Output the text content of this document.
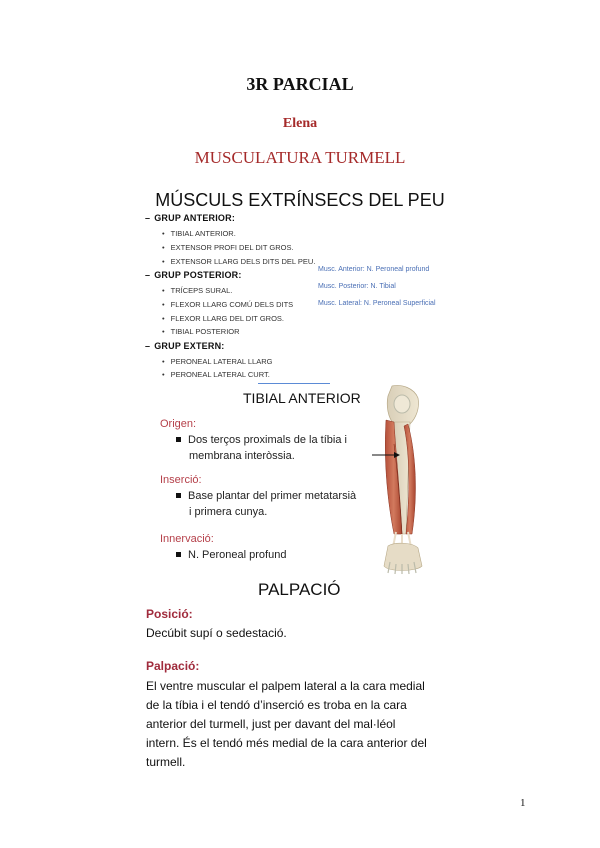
3R PARCIAL
Elena
MUSCULATURA TURMELL
MÚSCULS EXTRÍNSECS DEL PEU
– GRUP ANTERIOR:
• TIBIAL ANTERIOR.
• EXTENSOR PROFI DEL DIT GROS.
• EXTENSOR LLARG DELS DITS DEL PEU.
– GRUP POSTERIOR:
• TRÍCEPS SURAL.
• FLEXOR LLARG COMÚ DELS DITS
• FLEXOR LLARG DEL DIT GROS.
• TIBIAL POSTERIOR
– GRUP EXTERN:
• PERONEAL LATERAL LLARG
• PERONEAL LATERAL CURT.
Musc. Anterior: N. Peroneal profund
Musc. Posterior: N. Tibial
Musc. Lateral: N. Peroneal Superficial
TIBIAL ANTERIOR
Origen:
Dos terços proximals de la tíbia i
membrana interòssia.
Inserció:
Base plantar del primer metatarsià
i primera cunya.
Innervació:
N. Peroneal profund
PALPACIÓ
Posició:
Decúbit supí o sedestació.
Palpació:
El ventre muscular el palpem lateral a la cara medial
de la tíbia i el tendó d’inserció es troba en la cara
anterior del turmell, just per davant del mal·léol
intern. És el tendó més medial de la cara anterior del
turmell.
1
